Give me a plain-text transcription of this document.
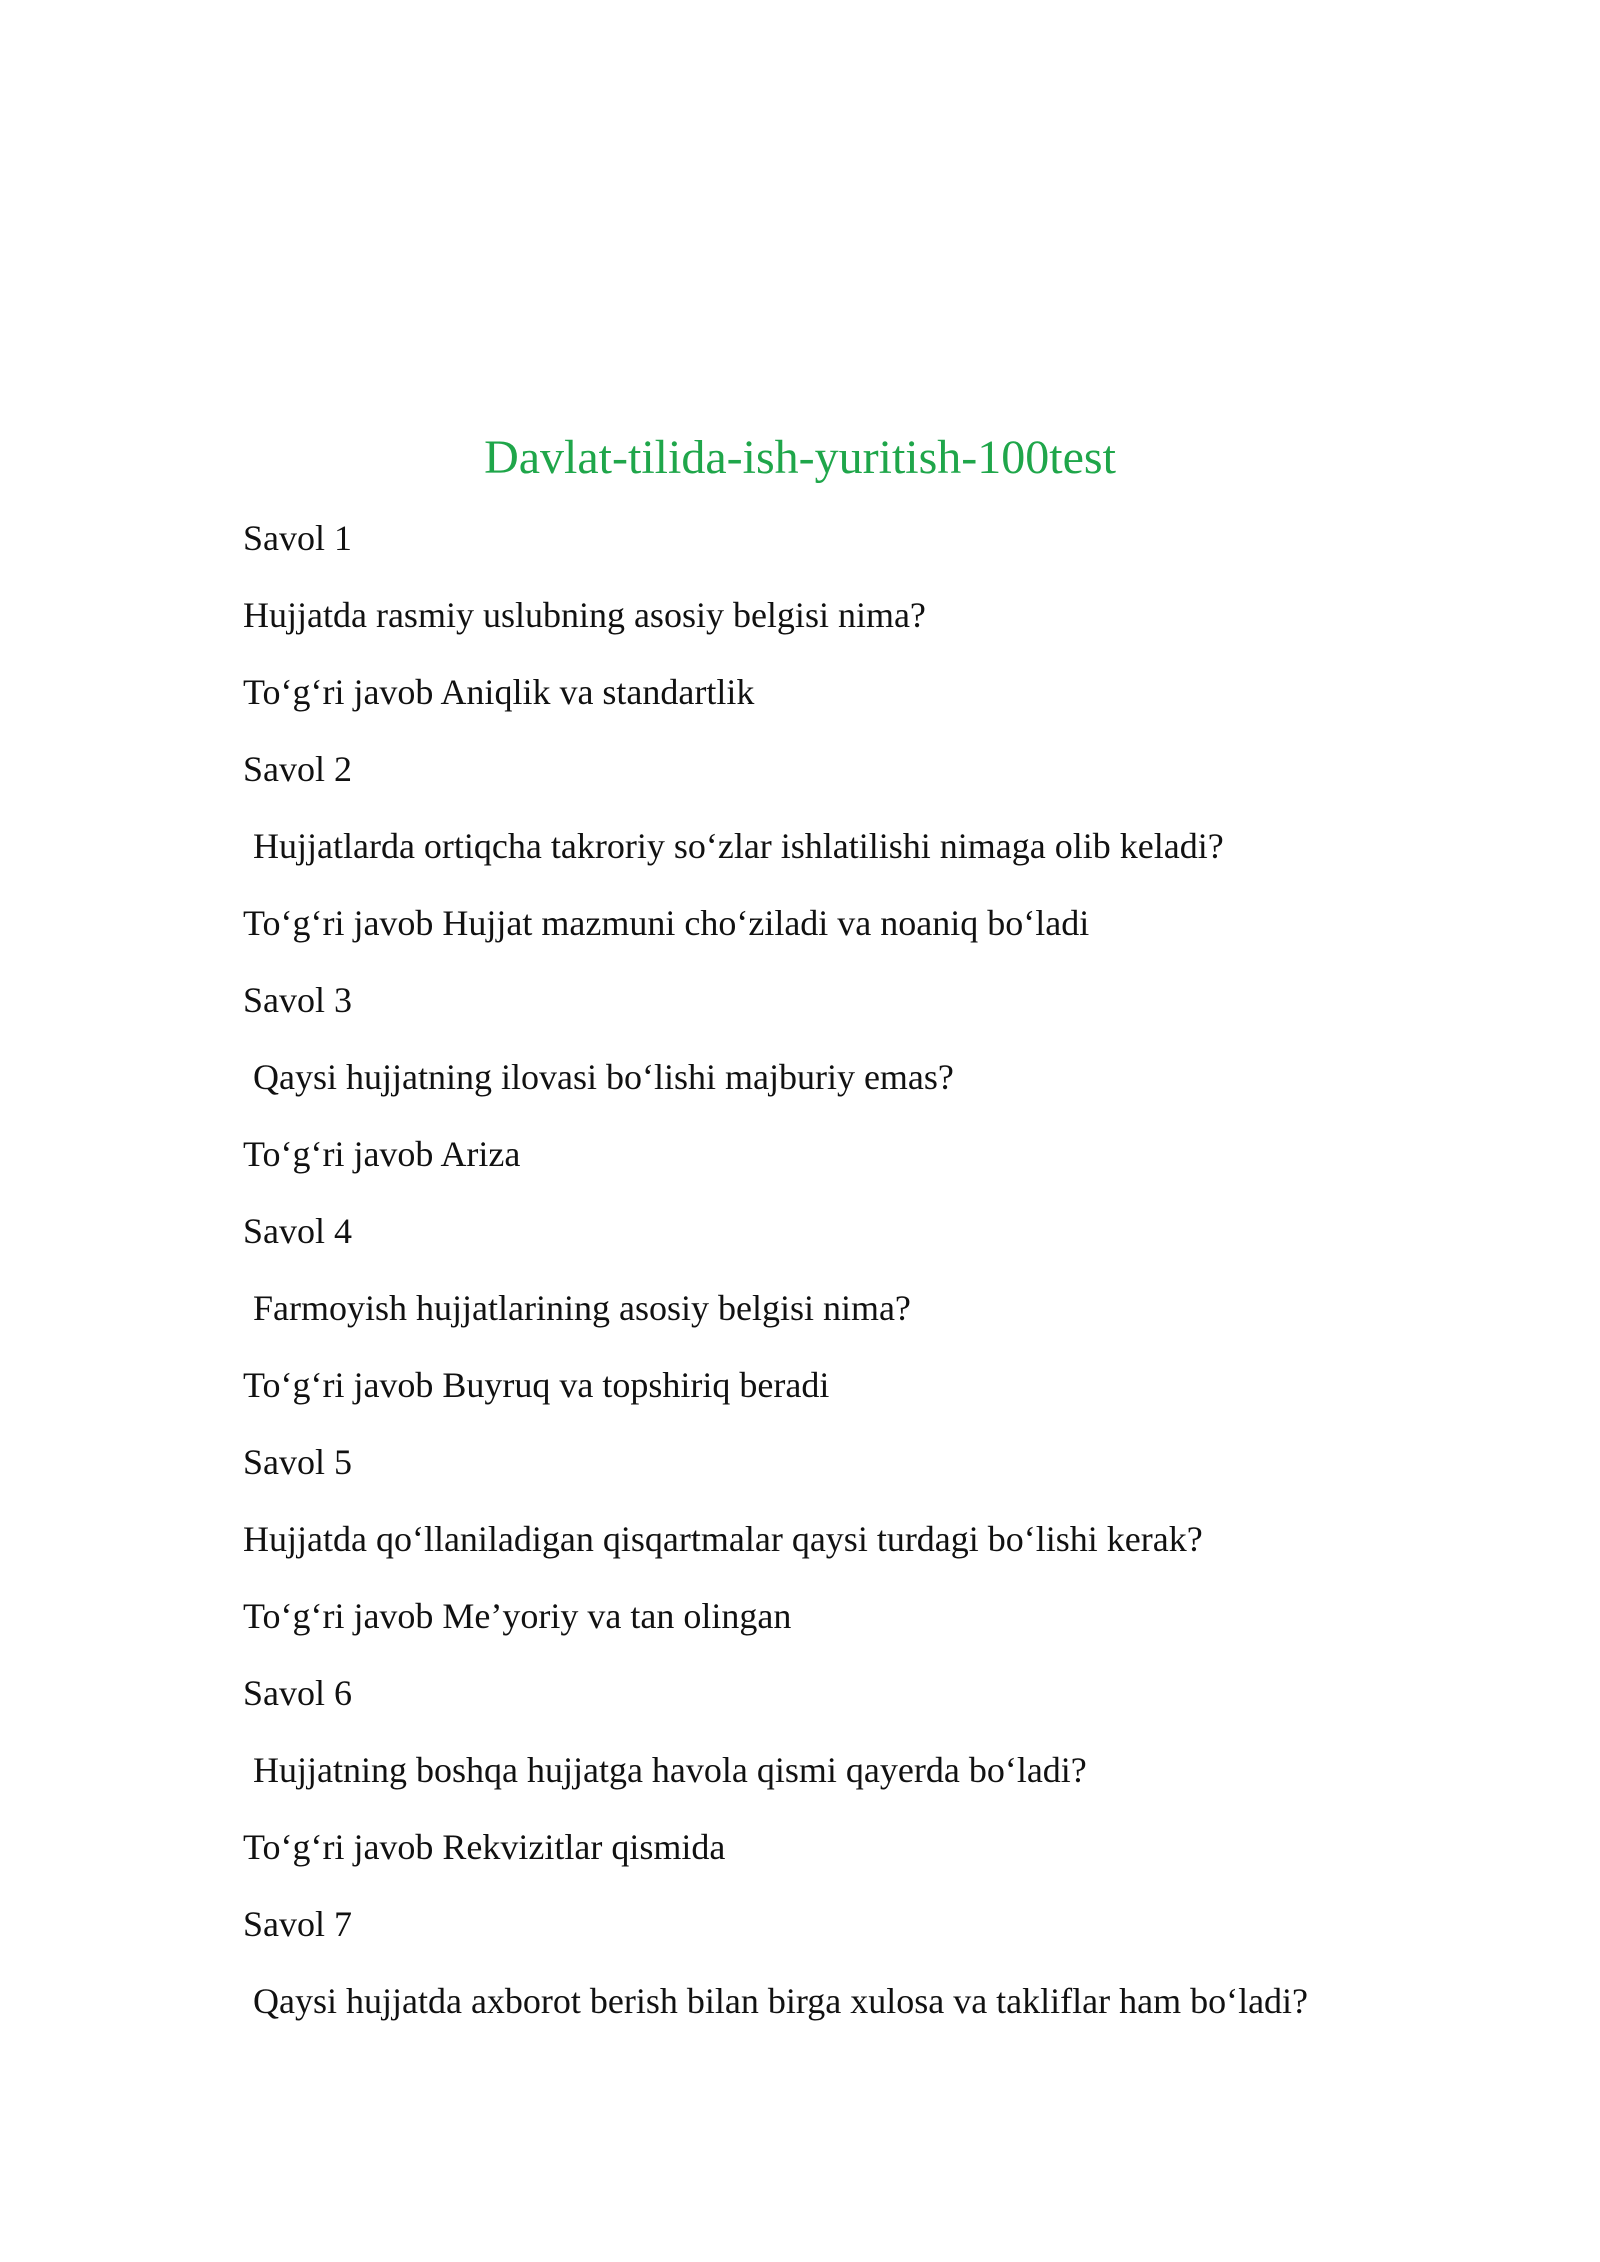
Davlat-tilida-ish-yuritish-100test
Savol 1
Hujjatda rasmiy uslubning asosiy belgisi nima?
To‘g‘ri javob Aniqlik va standartlik
Savol 2
Hujjatlarda ortiqcha takroriy so‘zlar ishlatilishi nimaga olib keladi?
To‘g‘ri javob Hujjat mazmuni cho‘ziladi va noaniq bo‘ladi
Savol 3
Qaysi hujjatning ilovasi bo‘lishi majburiy emas?
To‘g‘ri javob Ariza
Savol 4
Farmoyish hujjatlarining asosiy belgisi nima?
To‘g‘ri javob Buyruq va topshiriq beradi
Savol 5
Hujjatda qo‘llaniladigan qisqartmalar qaysi turdagi bo‘lishi kerak?
To‘g‘ri javob Me’yoriy va tan olingan
Savol 6
Hujjatning boshqa hujjatga havola qismi qayerda bo‘ladi?
To‘g‘ri javob Rekvizitlar qismida
Savol 7
Qaysi hujjatda axborot berish bilan birga xulosa va takliflar ham bo‘ladi?
